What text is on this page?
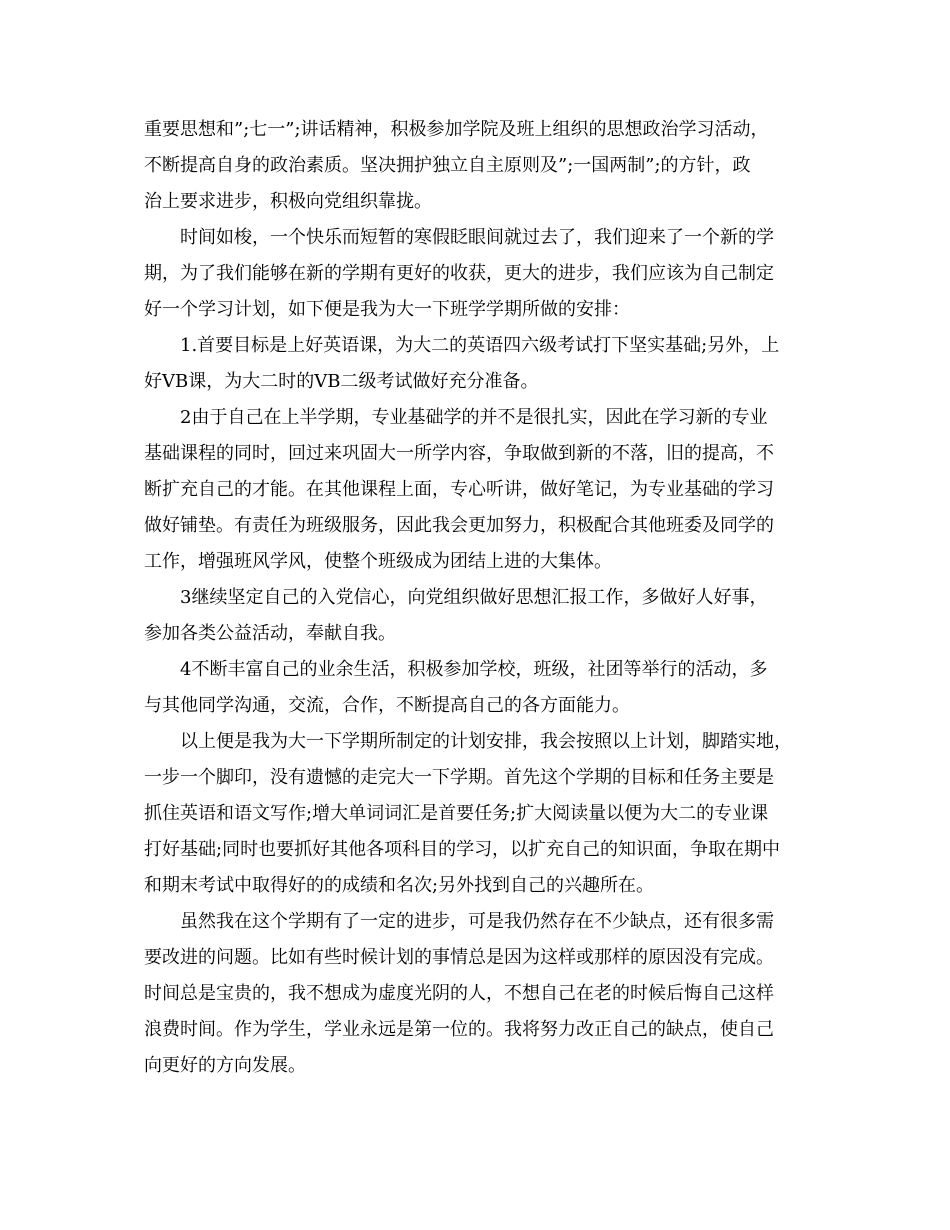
重要思想和”;七一”;讲话精神，积极参加学院及班上组织的思想政治学习活动，
不断提高自身的政治素质。坚决拥护独立自主原则及”;一国两制”;的方针，政
治上要求进步，积极向党组织靠拢。

　　时间如梭，一个快乐而短暂的寒假眨眼间就过去了，我们迎来了一个新的学
期，为了我们能够在新的学期有更好的收获，更大的进步，我们应该为自己制定
好一个学习计划，如下便是我为大一下班学学期所做的安排：

　　1.首要目标是上好英语课，为大二的英语四六级考试打下坚实基础;另外，上
好VB课，为大二时的VB二级考试做好充分准备。

　　2由于自己在上半学期，专业基础学的并不是很扎实，因此在学习新的专业
基础课程的同时，回过来巩固大一所学内容，争取做到新的不落，旧的提高，不
断扩充自己的才能。在其他课程上面，专心听讲，做好笔记，为专业基础的学习
做好铺垫。有责任为班级服务，因此我会更加努力，积极配合其他班委及同学的
工作，增强班风学风，使整个班级成为团结上进的大集体。

　　3继续坚定自己的入党信心，向党组织做好思想汇报工作，多做好人好事，
参加各类公益活动，奉献自我。

　　4不断丰富自己的业余生活，积极参加学校，班级，社团等举行的活动，多
与其他同学沟通，交流，合作，不断提高自己的各方面能力。

　　以上便是我为大一下学期所制定的计划安排，我会按照以上计划，脚踏实地，
一步一个脚印，没有遗憾的走完大一下学期。首先这个学期的目标和任务主要是
抓住英语和语文写作;增大单词词汇是首要任务;扩大阅读量以便为大二的专业课
打好基础;同时也要抓好其他各项科目的学习，以扩充自己的知识面，争取在期中
和期末考试中取得好的的成绩和名次;另外找到自己的兴趣所在。

　　虽然我在这个学期有了一定的进步，可是我仍然存在不少缺点，还有很多需
要改进的问题。比如有些时候计划的事情总是因为这样或那样的原因没有完成。
时间总是宝贵的，我不想成为虚度光阴的人，不想自己在老的时候后悔自己这样
浪费时间。作为学生，学业永远是第一位的。我将努力改正自己的缺点，使自己
向更好的方向发展。
